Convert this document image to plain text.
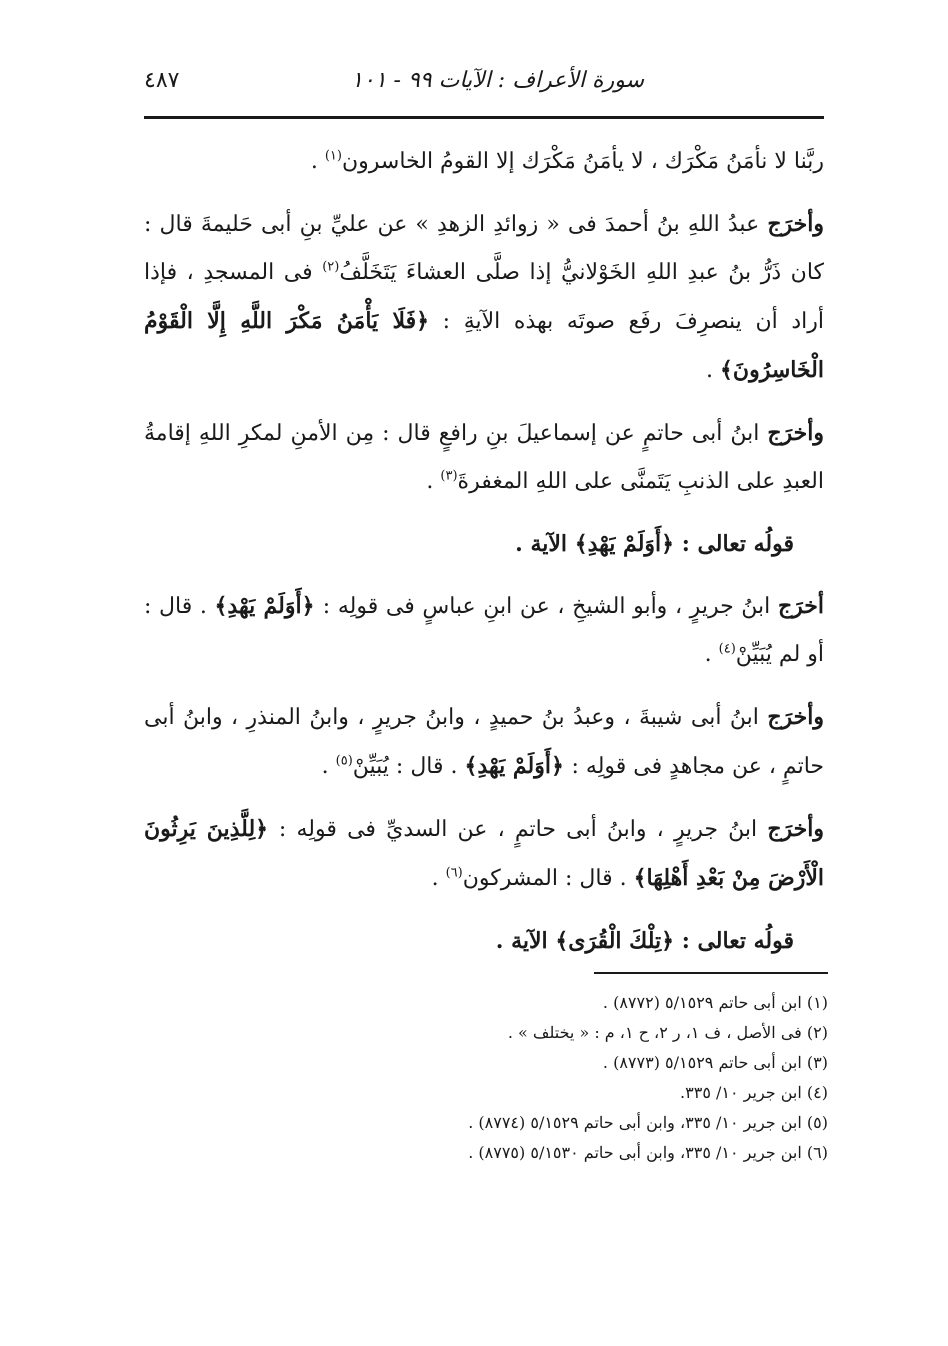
سورة الأعراف : الآيات ٩٩ - ١٠١
٤٨٧

ربَّنا لا نأمَنُ مَكْرَك ، لا يأمَنُ مَكْرَك إلا القومُ الخاسرون$^{(١)}$ .

وأخرَج عبدُ اللهِ بنُ أحمدَ فى « زوائدِ الزهدِ » عن عليِّ بنِ أبى حَليمةَ قال : كان ذَرُّ بنُ عبدِ اللهِ الخَوْلانيُّ إذا صلَّى العشاءَ يَتَخَلَّفُ$^{(٢)}$ فى المسجدِ ، فإذا أراد أن ينصرِفَ رفَع صوتَه بهذه الآيةِ : ﴿فَلَا يَأْمَنُ مَكْرَ اللَّهِ إِلَّا الْقَوْمُ الْخَاسِرُونَ﴾ .

وأخرَج ابنُ أبى حاتمٍ عن إسماعيلَ بنِ رافعٍ قال : مِن الأمنِ لمكرِ اللهِ إقامةُ العبدِ على الذنبِ يَتَمنَّى على اللهِ المغفرةَ$^{(٣)}$ .

قولُه تعالى : ﴿أَوَلَمْ يَهْدِ﴾ الآية .

أخرَج ابنُ جريرٍ ، وأبو الشيخِ ، عن ابنِ عباسٍ فى قولِه : ﴿أَوَلَمْ يَهْدِ﴾ . قال : أو لم يُبَيِّنْ$^{(٤)}$ .

وأخرَج ابنُ أبى شيبةَ ، وعبدُ بنُ حميدٍ ، وابنُ جريرٍ ، وابنُ المنذرِ ، وابنُ أبى حاتمٍ ، عن مجاهدٍ فى قولِه : ﴿أَوَلَمْ يَهْدِ﴾ . قال : يُبَيِّنْ$^{(٥)}$ .

وأخرَج ابنُ جريرٍ ، وابنُ أبى حاتمٍ ، عن السديِّ فى قولِه : ﴿لِلَّذِينَ يَرِثُونَ الْأَرْضَ مِنْ بَعْدِ أَهْلِهَا﴾ . قال : المشركون$^{(٦)}$ .

قولُه تعالى : ﴿تِلْكَ الْقُرَى﴾ الآية .

(١) ابن أبى حاتم ٥/١٥٢٩ (٨٧٧٢) .

(٢) فى الأصل ، ف ١، ر ٢، ح ١، م : « يختلف » .

(٣) ابن أبى حاتم ٥/١٥٢٩ (٨٧٧٣) .

(٤) ابن جرير ١٠/ ٣٣٥.

(٥) ابن جرير ١٠/ ٣٣٥، وابن أبى حاتم ٥/١٥٢٩ (٨٧٧٤) .

(٦) ابن جرير ١٠/ ٣٣٥، وابن أبى حاتم ٥/١٥٣٠ (٨٧٧٥) .
